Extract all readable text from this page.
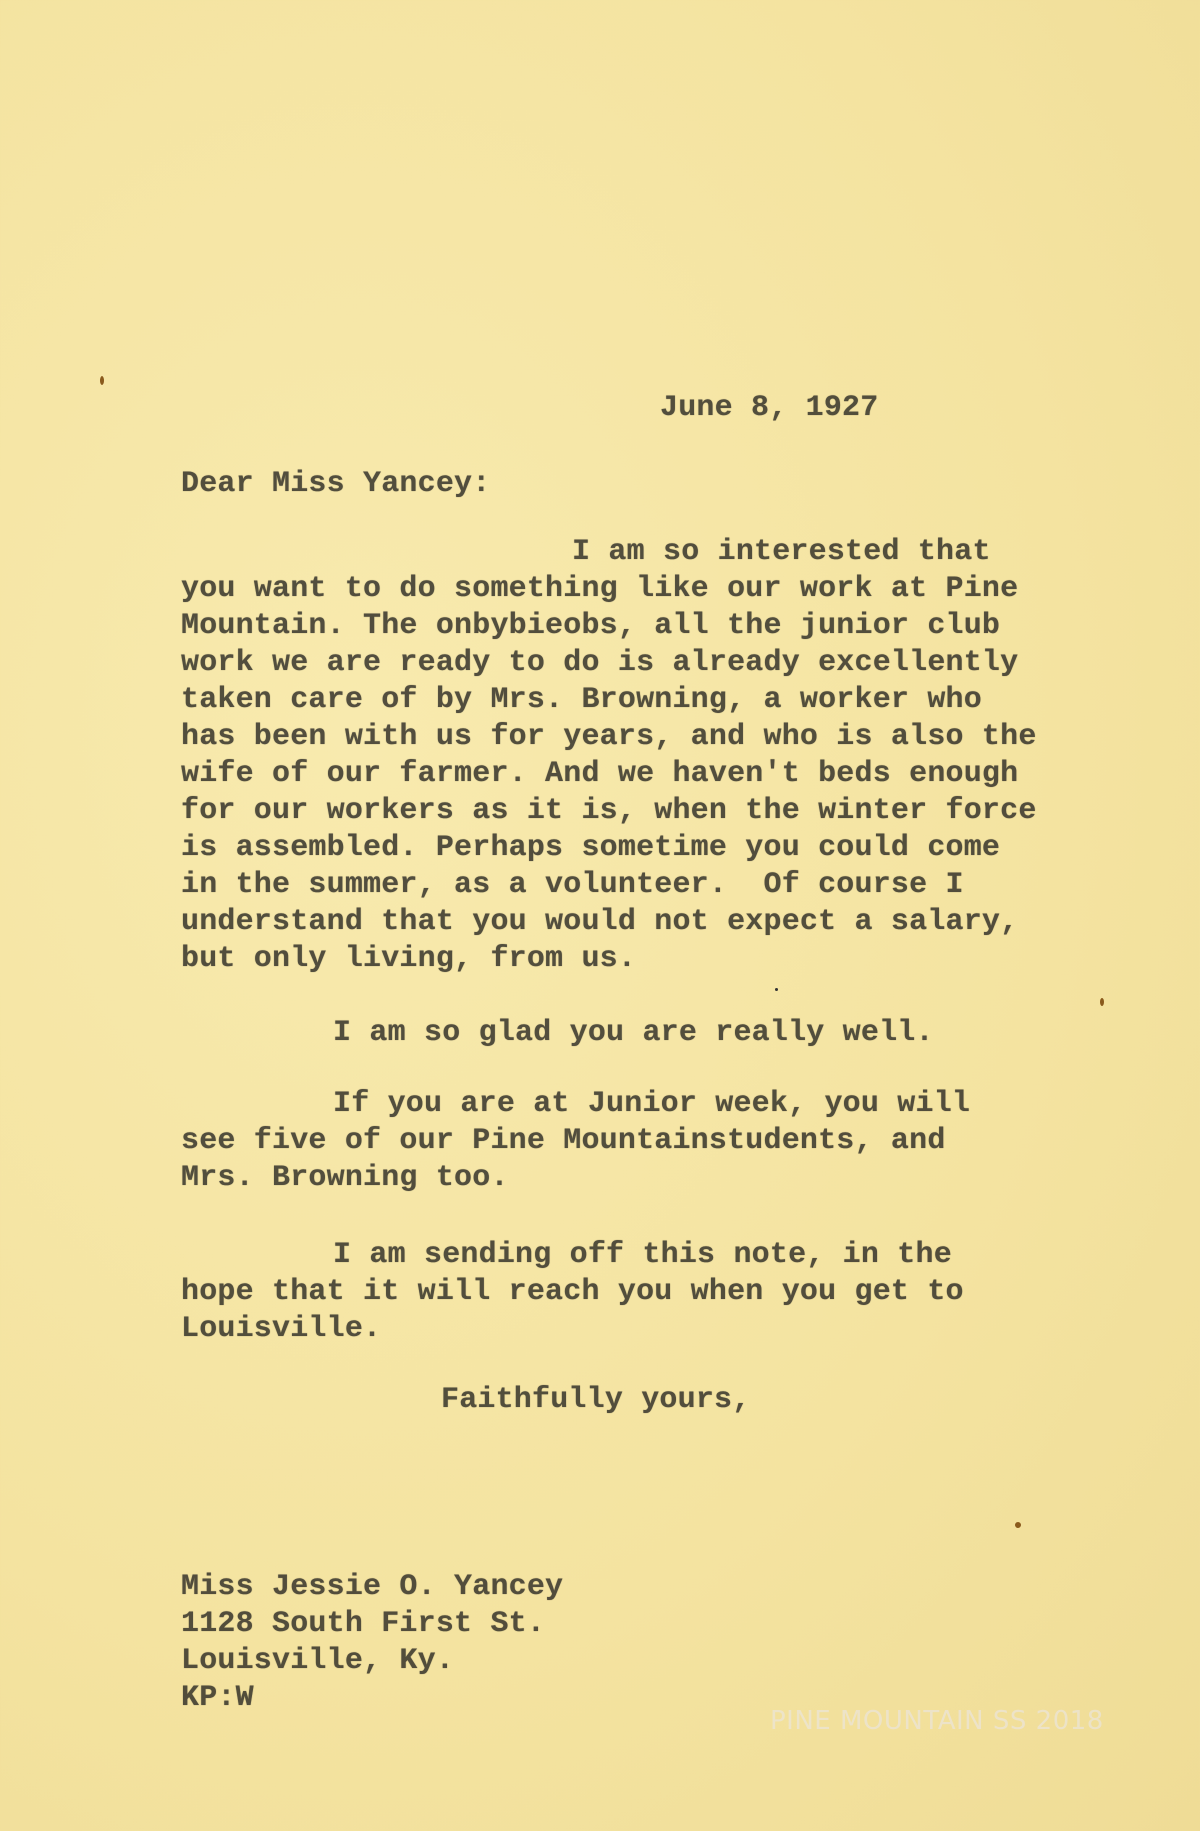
June 8, 1927
Dear Miss Yancey:
I am so interested that
you want to do something like our work at Pine
Mountain. The onbybieobs, all the junior club
work we are ready to do is already excellently
taken care of by Mrs. Browning, a worker who
has been with us for years, and who is also the
wife of our farmer. And we haven't beds enough
for our workers as it is, when the winter force
is assembled. Perhaps sometime you could come
in the summer, as a volunteer.  Of course I
understand that you would not expect a salary,
but only living, from us.
I am so glad you are really well.
If you are at Junior week, you will
see five of our Pine Mountainstudents, and
Mrs. Browning too.
I am sending off this note, in the
hope that it will reach you when you get to
Louisville.
Faithfully yours,
Miss Jessie O. Yancey
1128 South First St.
Louisville, Ky.
KP:W
PINE MOUNTAIN SS 2018
